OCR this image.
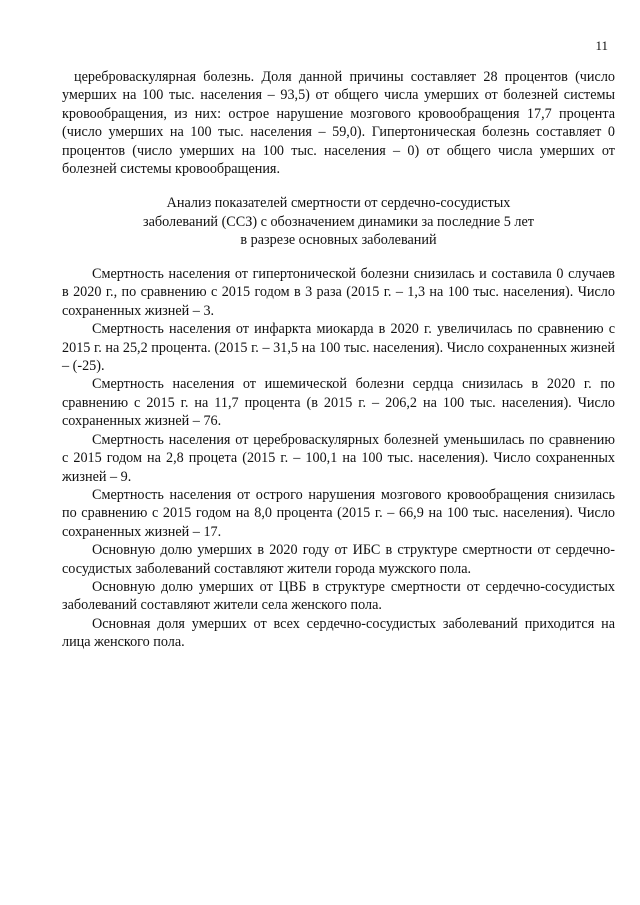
11

цереброваскулярная болезнь. Доля данной причины составляет 28 процентов (число умерших на 100 тыс. населения – 93,5) от общего числа умерших от болезней системы кровообращения, из них: острое нарушение мозгового кровообращения 17,7 процента (число умерших на 100 тыс. населения – 59,0). Гипертоническая болезнь составляет 0 процентов (число умерших на 100 тыс. населения – 0) от общего числа умерших от болезней системы кровообращения.

Анализ показателей смертности от сердечно-сосудистых заболеваний (ССЗ) с обозначением динамики за последние 5 лет в разрезе основных заболеваний

Смертность населения от гипертонической болезни снизилась и составила 0 случаев в 2020 г., по сравнению с 2015 годом в 3 раза (2015 г. – 1,3 на 100 тыс. населения). Число сохраненных жизней – 3.

Смертность населения от инфаркта миокарда в 2020 г. увеличилась по сравнению с 2015 г. на 25,2 процента. (2015 г. – 31,5 на 100 тыс. населения). Число сохраненных жизней – (-25).

Смертность населения от ишемической болезни сердца снизилась в 2020 г. по сравнению с 2015 г. на 11,7 процента (в 2015 г. – 206,2 на 100 тыс. населения). Число сохраненных жизней – 76.

Смертность населения от цереброваскулярных болезней уменьшилась по сравнению с 2015 годом на 2,8 процета (2015 г. – 100,1 на 100 тыс. населения). Число сохраненных жизней – 9.

Смертность населения от острого нарушения мозгового кровообращения снизилась по сравнению с 2015 годом на 8,0 процента (2015 г. – 66,9 на 100 тыс. населения). Число сохраненных жизней – 17.

Основную долю умерших в 2020 году от ИБС в структуре смертности от сердечно-сосудистых заболеваний составляют жители города мужского пола.

Основную долю умерших от ЦВБ в структуре смертности от сердечно-сосудистых заболеваний составляют жители села женского пола.

Основная доля умерших от всех сердечно-сосудистых заболеваний приходится на лица женского пола.
